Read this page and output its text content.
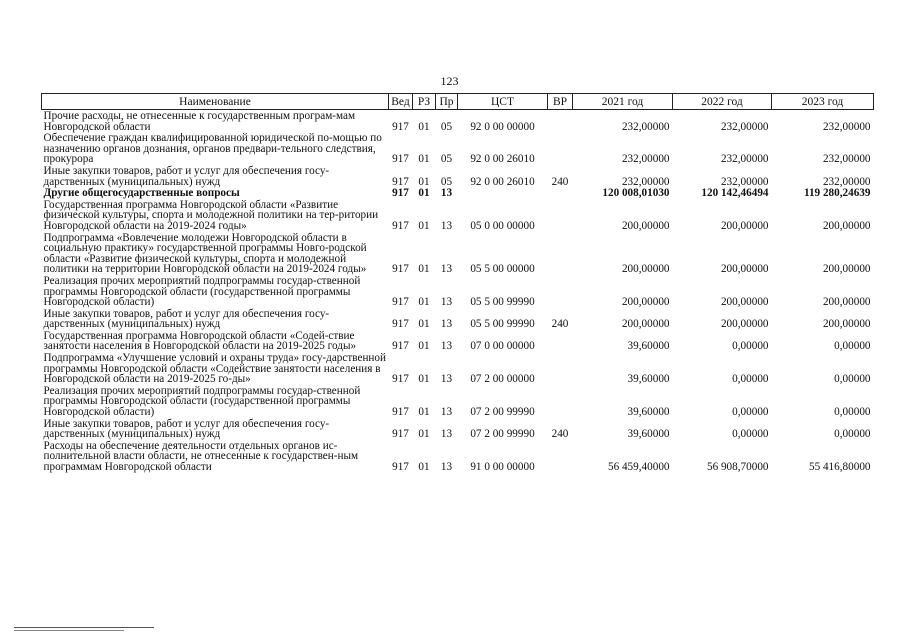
123
Наименование	Вед	РЗ	Пр	ЦСТ	ВР	2021 год	2022 год	2023 год
Прочие расходы, не отнесенные к государственным програм-мам Новгородской области	917	01	05	92 0 00 00000		232,00000	232,00000	232,00000
Обеспечение граждан квалифицированной юридической по-мощью по назначению органов дознания, органов предвари-тельного следствия, прокурора	917	01	05	92 0 00 26010		232,00000	232,00000	232,00000
Иные закупки товаров, работ и услуг для обеспечения госу-дарственных (муниципальных) нужд	917	01	05	92 0 00 26010	240	232,00000	232,00000	232,00000
Другие общегосударственные вопросы	917	01	13			120 008,01030	120 142,46494	119 280,24639
Государственная программа Новгородской области «Развитие физической культуры, спорта и молодежной политики на тер-ритории Новгородской области на 2019-2024 годы»	917	01	13	05 0 00 00000		200,00000	200,00000	200,00000
Подпрограмма «Вовлечение молодежи Новгородской области в социальную практику» государственной программы Новго-родской области «Развитие физической культуры, спорта и молодежной политики на территории Новгородской области на 2019-2024 годы»	917	01	13	05 5 00 00000		200,00000	200,00000	200,00000
Реализация прочих мероприятий подпрограммы государ-ственной программы Новгородской области (государственной программы Новгородской области)	917	01	13	05 5 00 99990		200,00000	200,00000	200,00000
Иные закупки товаров, работ и услуг для обеспечения госу-дарственных (муниципальных) нужд	917	01	13	05 5 00 99990	240	200,00000	200,00000	200,00000
Государственная программа Новгородской области «Содей-ствие занятости населения в Новгородской области на 2019-2025 годы»	917	01	13	07 0 00 00000		39,60000	0,00000	0,00000
Подпрограмма «Улучшение условий и охраны труда» госу-дарственной программы Новгородской области «Содействие занятости населения в Новгородской области на 2019-2025 го-ды»	917	01	13	07 2 00 00000		39,60000	0,00000	0,00000
Реализация прочих мероприятий подпрограммы государ-ственной программы Новгородской области (государственной программы Новгородской области)	917	01	13	07 2 00 99990		39,60000	0,00000	0,00000
Иные закупки товаров, работ и услуг для обеспечения госу-дарственных (муниципальных) нужд	917	01	13	07 2 00 99990	240	39,60000	0,00000	0,00000
Расходы на обеспечение деятельности отдельных органов ис-полнительной власти области, не отнесенные к государствен-ным программам Новгородской области	917	01	13	91 0 00 00000		56 459,40000	56 908,70000	55 416,80000
